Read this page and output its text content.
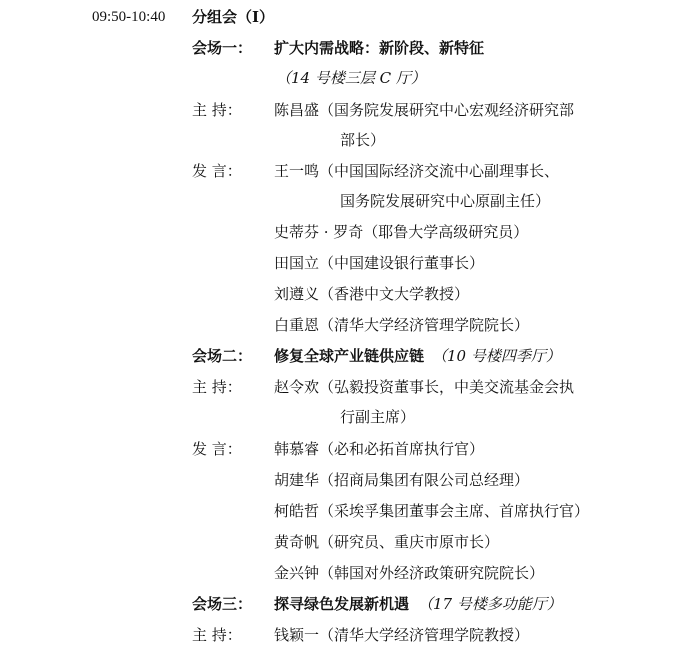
09:50-10:40 分组会（I）
会场一： 扩大内需战略：新阶段、新特征
（14 号楼三层 C 厅）
主 持： 陈昌盛（国务院发展研究中心宏观经济研究部
部长）
发 言： 王一鸣（中国国际经济交流中心副理事长、
国务院发展研究中心原副主任）
史蒂芬 · 罗奇（耶鲁大学高级研究员）
田国立（中国建设银行董事长）
刘遵义（香港中文大学教授）
白重恩（清华大学经济管理学院院长）
会场二： 修复全球产业链供应链 （10 号楼四季厅）
主 持： 赵令欢（弘毅投资董事长，中美交流基金会执
行副主席）
发 言： 韩慕睿（必和必拓首席执行官）
胡建华（招商局集团有限公司总经理）
柯皓哲（采埃孚集团董事会主席、首席执行官）
黄奇帆（研究员、重庆市原市长）
金兴钟（韩国对外经济政策研究院院长）
会场三： 探寻绿色发展新机遇 （17 号楼多功能厅）
主 持： 钱颖一（清华大学经济管理学院教授）
